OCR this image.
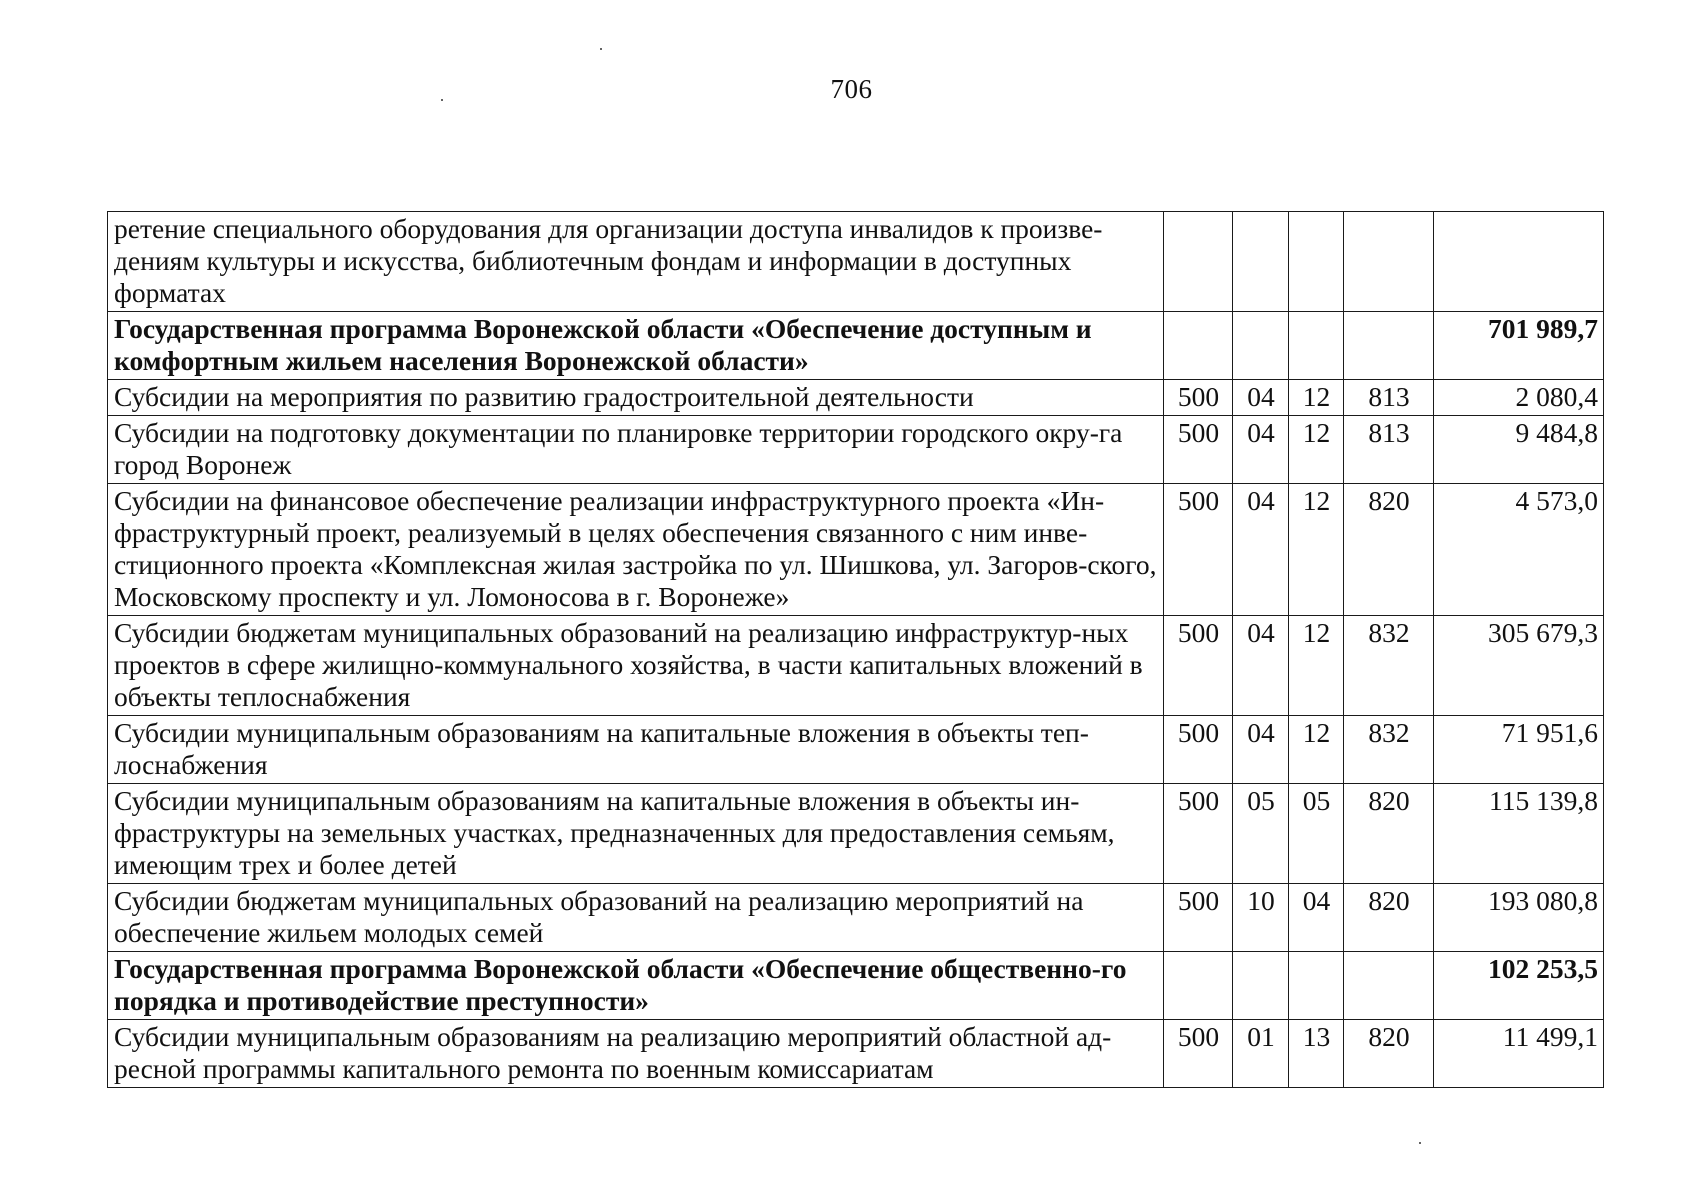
706
ретение специального оборудования для организации доступа инвалидов к произве-дениям культуры и искусства, библиотечным фондам и информации в доступных форматах					
Государственная программа Воронежской области «Обеспечение доступным и комфортным жильем населения Воронежской области»					701 989,7
Субсидии на мероприятия по развитию градостроительной деятельности	500	04	12	813	2 080,4
Субсидии на подготовку документации по планировке территории городского окру-га город Воронеж	500	04	12	813	9 484,8
Субсидии на финансовое обеспечение реализации инфраструктурного проекта «Ин-фраструктурный проект, реализуемый в целях обеспечения связанного с ним инве-стиционного проекта «Комплексная жилая застройка по ул. Шишкова, ул. Загоров-ского, Московскому проспекту и ул. Ломоносова в г. Воронеже»	500	04	12	820	4 573,0
Субсидии бюджетам муниципальных образований на реализацию инфраструктур-ных проектов в сфере жилищно-коммунального хозяйства, в части капитальных вложений в объекты теплоснабжения	500	04	12	832	305 679,3
Субсидии муниципальным образованиям на капитальные вложения в объекты теп-лоснабжения	500	04	12	832	71 951,6
Субсидии муниципальным образованиям на капитальные вложения в объекты ин-фраструктуры на земельных участках, предназначенных для предоставления семьям, имеющим трех и более детей	500	05	05	820	115 139,8
Субсидии бюджетам муниципальных образований на реализацию мероприятий на обеспечение жильем молодых семей	500	10	04	820	193 080,8
Государственная программа Воронежской области «Обеспечение общественно-го порядка и противодействие преступности»					102 253,5
Субсидии муниципальным образованиям на реализацию мероприятий областной ад-ресной программы капитального ремонта по военным комиссариатам	500	01	13	820	11 499,1
